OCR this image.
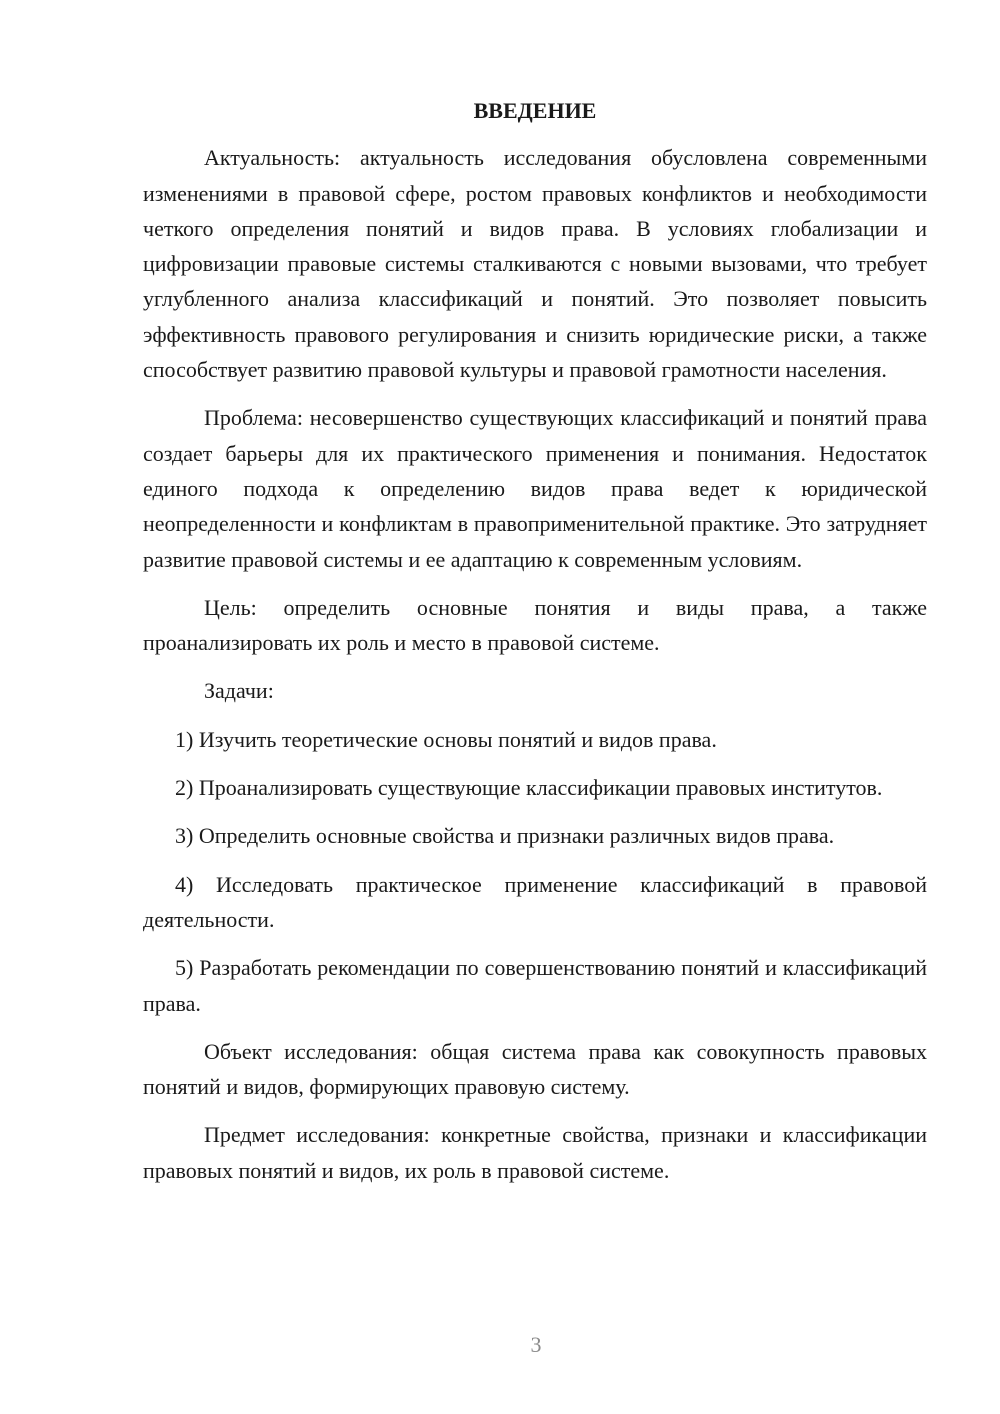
ВВЕДЕНИЕ

Актуальность: актуальность исследования обусловлена современными изменениями в правовой сфере, ростом правовых конфликтов и необходимости четкого определения понятий и видов права. В условиях глобализации и цифровизации правовые системы сталкиваются с новыми вызовами, что требует углубленного анализа классификаций и понятий. Это позволяет повысить эффективность правового регулирования и снизить юридические риски, а также способствует развитию правовой культуры и правовой грамотности населения.

Проблема: несовершенство существующих классификаций и понятий права создает барьеры для их практического применения и понимания. Недостаток единого подхода к определению видов права ведет к юридической неопределенности и конфликтам в правоприменительной практике. Это затрудняет развитие правовой системы и ее адаптацию к современным условиям.

Цель: определить основные понятия и виды права, а также проанализировать их роль и место в правовой системе.

Задачи:

1) Изучить теоретические основы понятий и видов права.

2) Проанализировать существующие классификации правовых институтов.

3) Определить основные свойства и признаки различных видов права.

4) Исследовать практическое применение классификаций в правовой деятельности.

5) Разработать рекомендации по совершенствованию понятий и классификаций права.

Объект исследования: общая система права как совокупность правовых понятий и видов, формирующих правовую систему.

Предмет исследования: конкретные свойства, признаки и классификации правовых понятий и видов, их роль в правовой системе.

3
